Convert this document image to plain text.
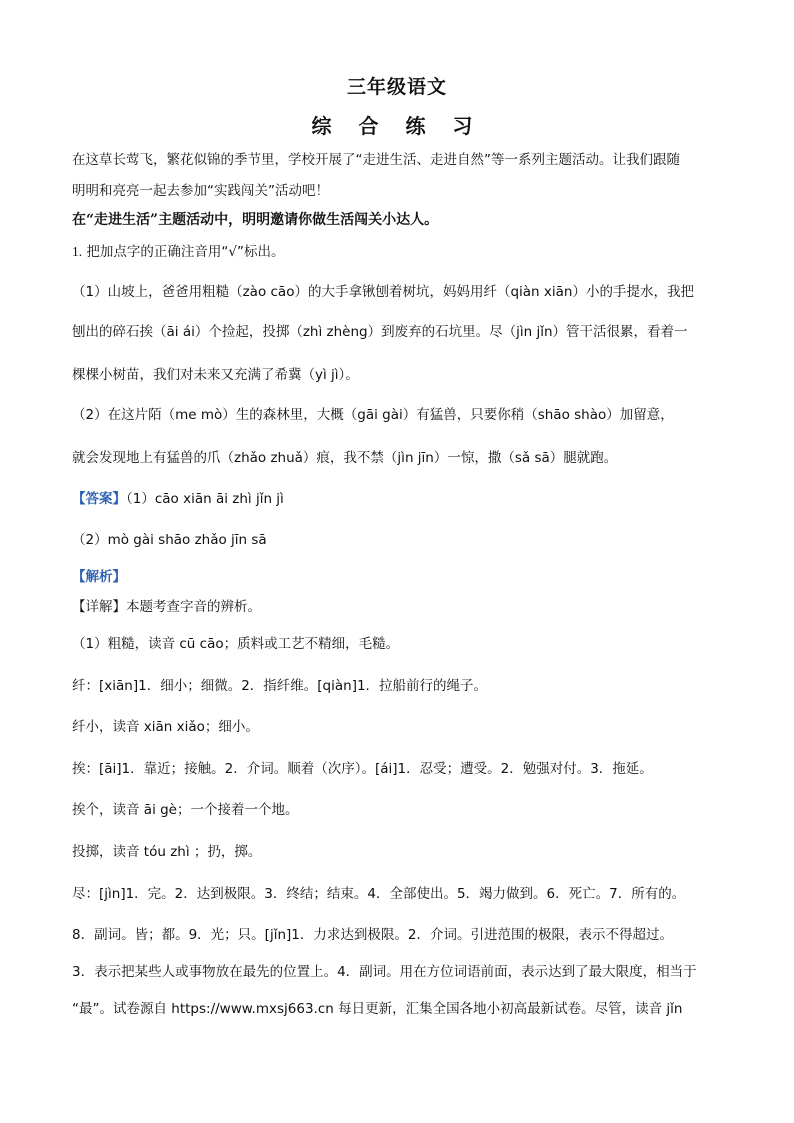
三年级语文
综 合 练 习
在这草长莺飞，繁花似锦的季节里，学校开展了“走进生活、走进自然”等一系列主题活动。让我们跟随
明明和亮亮一起去参加“实践闯关”活动吧！
在“走进生活”主题活动中，明明邀请你做生活闯关小达人。
1. 把加点字的正确注音用“√”标出。
（1）山坡上，爸爸用粗糙（zào cāo）的大手拿锹刨着树坑，妈妈用纤（qiàn xiān）小的手提水，我把
刨出的碎石挨（āi ái）个捡起，投掷（zhì zhèng）到废弃的石坑里。尽（jìn jǐn）管干活很累，看着一
棵棵小树苗，我们对未来又充满了希冀（yì jì）。
（2）在这片陌（me mò）生的森林里，大概（gāi gài）有猛兽，只要你稍（shāo shào）加留意，
就会发现地上有猛兽的爪（zhǎo zhuǎ）痕，我不禁（jìn jīn）一惊，撒（sǎ sā）腿就跑。
【答案】（1）cāo xiān āi zhì jǐn jì
（2）mò gài shāo zhǎo jīn sā
【解析】
【详解】本题考查字音的辨析。
（1）粗糙，读音 cū cāo；质料或工艺不精细，毛糙。
纤：[xiān]1．细小；细微。2．指纤维。[qiàn]1．拉船前行的绳子。
纤小，读音 xiān xiǎo；细小。
挨：[āi]1．靠近；接触。2．介词。顺着（次序）。[ái]1．忍受；遭受。2．勉强对付。3．拖延。
挨个，读音 āi gè；一个接着一个地。
投掷，读音 tóu zhì ；扔，掷。
尽：[jìn]1．完。2．达到极限。3．终结；结束。4．全部使出。5．竭力做到。6．死亡。7．所有的。
8．副词。皆；都。9．光；只。[jǐn]1．力求达到极限。2．介词。引进范围的极限，表示不得超过。
3．表示把某些人或事物放在最先的位置上。4．副词。用在方位词语前面，表示达到了最大限度，相当于
“最”。试卷源自 https://www.mxsj663.cn 每日更新，汇集全国各地小初高最新试卷。尽管，读音 jǐn
